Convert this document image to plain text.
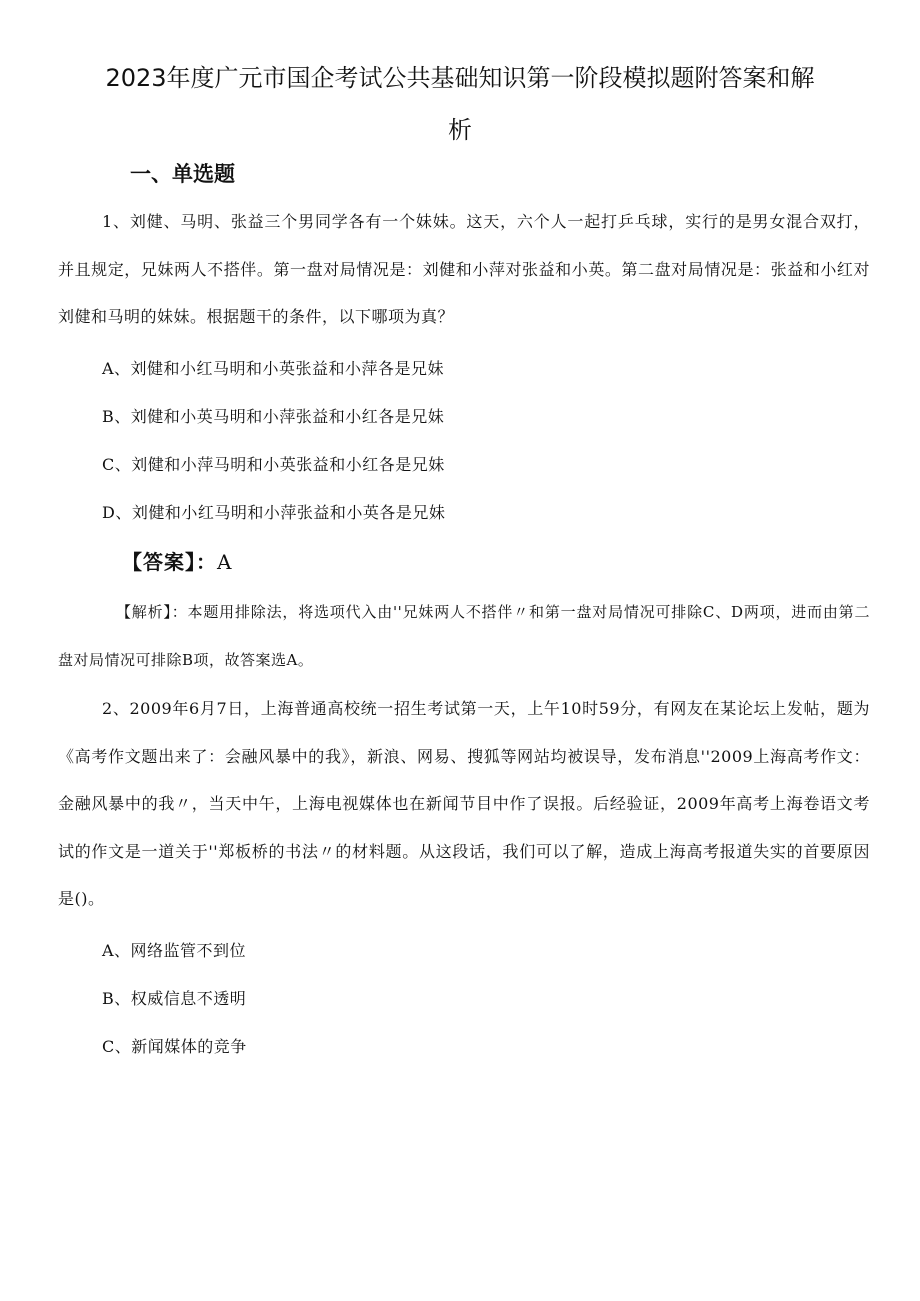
2023年度广元市国企考试公共基础知识第一阶段模拟题附答案和解
析
一、单选题
1、刘健、马明、张益三个男同学各有一个妹妹。这天，六个人一起打乒乓球，实行的是男女混合双打，并且规定，兄妹两人不搭伴。第一盘对局情况是：刘健和小萍对张益和小英。第二盘对局情况是：张益和小红对刘健和马明的妹妹。根据题干的条件，以下哪项为真？
A、刘健和小红马明和小英张益和小萍各是兄妹
B、刘健和小英马明和小萍张益和小红各是兄妹
C、刘健和小萍马明和小英张益和小红各是兄妹
D、刘健和小红马明和小萍张益和小英各是兄妹
【答案】：A
【解析】：本题用排除法，将选项代入由''兄妹两人不搭伴〃和第一盘对局情况可排除C、D两项，进而由第二盘对局情况可排除B项，故答案选A。
2、2009年6月7日，上海普通高校统一招生考试第一天，上午10时59分，有网友在某论坛上发帖，题为《高考作文题出来了：会融风暴中的我》，新浪、网易、搜狐等网站均被误导，发布消息''2009上海高考作文：金融风暴中的我〃，当天中午，上海电视媒体也在新闻节目中作了误报。后经验证，2009年高考上海卷语文考试的作文是一道关于''郑板桥的书法〃的材料题。从这段话，我们可以了解，造成上海高考报道失实的首要原因是()。
A、网络监管不到位
B、权威信息不透明
C、新闻媒体的竞争
